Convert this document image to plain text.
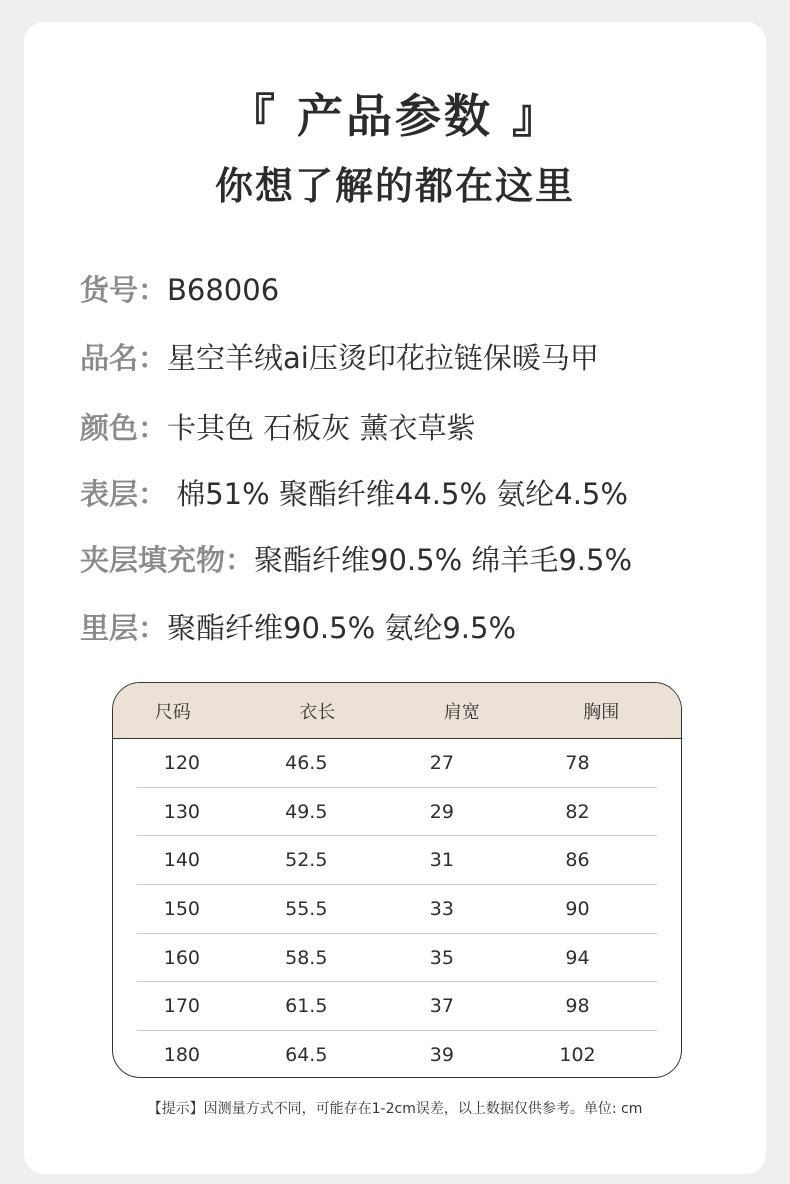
『 产品参数 』
你想了解的都在这里
货号：B68006
品名：星空羊绒ai压烫印花拉链保暖马甲
颜色：卡其色 石板灰 薰衣草紫
表层： 棉51% 聚酯纤维44.5% 氨纶4.5%
夹层填充物：聚酯纤维90.5% 绵羊毛9.5%
里层：聚酯纤维90.5% 氨纶9.5%
尺码	衣长	肩宽	胸围
120	46.5	27	78
130	49.5	29	82
140	52.5	31	86
150	55.5	33	90
160	58.5	35	94
170	61.5	37	98
180	64.5	39	102
【提示】因测量方式不同，可能存在1-2cm误差，以上数据仅供参考。单位: cm
